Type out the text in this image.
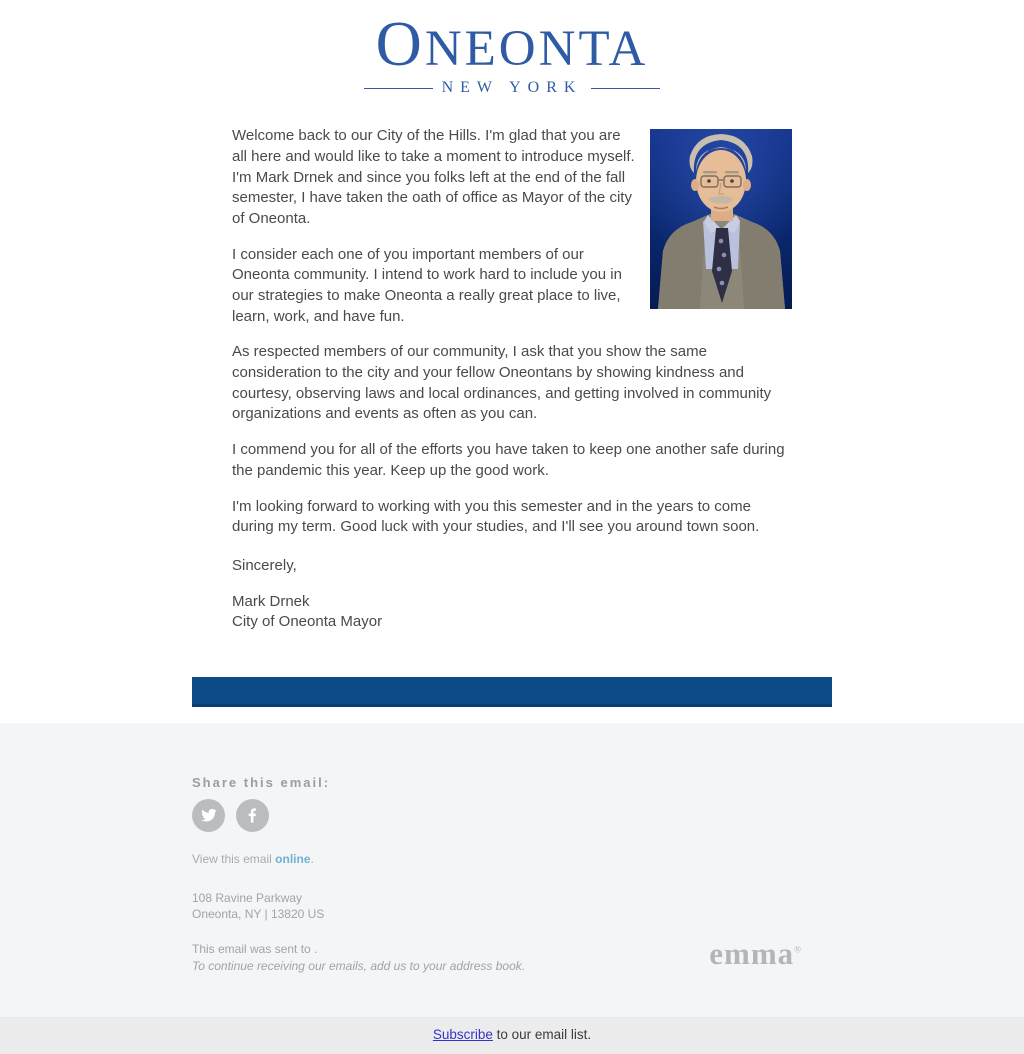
ONEONTA
NEW YORK

Welcome back to our City of the Hills. I'm glad that you are all here and would like to take a moment to introduce myself. I'm Mark Drnek and since you folks left at the end of the fall semester, I have taken the oath of office as Mayor of the city of Oneonta.

I consider each one of you important members of our Oneonta community. I intend to work hard to include you in our strategies to make Oneonta a really great place to live, learn, work, and have fun.

As respected members of our community, I ask that you show the same consideration to the city and your fellow Oneontans by showing kindness and courtesy, observing laws and local ordinances, and getting involved in community organizations and events as often as you can.

I commend you for all of the efforts you have taken to keep one another safe during the pandemic this year. Keep up the good work.

I'm looking forward to working with you this semester and in the years to come during my term. Good luck with your studies, and I'll see you around town soon.

Sincerely,

Mark Drnek
City of Oneonta Mayor
Share this email:
View this email online.
108 Ravine Parkway
Oneonta, NY | 13820 US
This email was sent to .
To continue receiving our emails, add us to your address book.	emma®
Subscribe to our email list.
